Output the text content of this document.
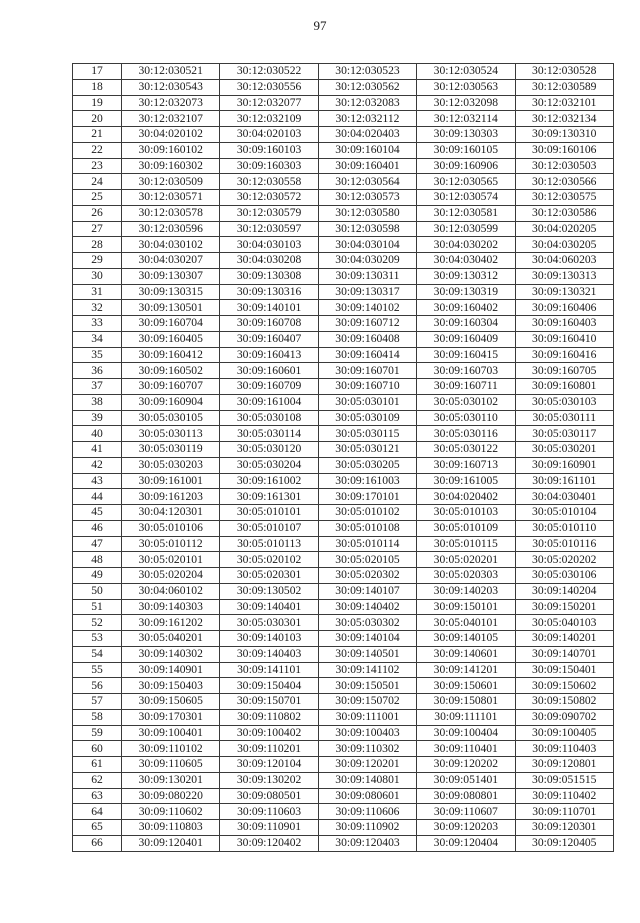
97
17	30:12:030521	30:12:030522	30:12:030523	30:12:030524	30:12:030528
18	30:12:030543	30:12:030556	30:12:030562	30:12:030563	30:12:030589
19	30:12:032073	30:12:032077	30:12:032083	30:12:032098	30:12:032101
20	30:12:032107	30:12:032109	30:12:032112	30:12:032114	30:12:032134
21	30:04:020102	30:04:020103	30:04:020403	30:09:130303	30:09:130310
22	30:09:160102	30:09:160103	30:09:160104	30:09:160105	30:09:160106
23	30:09:160302	30:09:160303	30:09:160401	30:09:160906	30:12:030503
24	30:12:030509	30:12:030558	30:12:030564	30:12:030565	30:12:030566
25	30:12:030571	30:12:030572	30:12:030573	30:12:030574	30:12:030575
26	30:12:030578	30:12:030579	30:12:030580	30:12:030581	30:12:030586
27	30:12:030596	30:12:030597	30:12:030598	30:12:030599	30:04:020205
28	30:04:030102	30:04:030103	30:04:030104	30:04:030202	30:04:030205
29	30:04:030207	30:04:030208	30:04:030209	30:04:030402	30:04:060203
30	30:09:130307	30:09:130308	30:09:130311	30:09:130312	30:09:130313
31	30:09:130315	30:09:130316	30:09:130317	30:09:130319	30:09:130321
32	30:09:130501	30:09:140101	30:09:140102	30:09:160402	30:09:160406
33	30:09:160704	30:09:160708	30:09:160712	30:09:160304	30:09:160403
34	30:09:160405	30:09:160407	30:09:160408	30:09:160409	30:09:160410
35	30:09:160412	30:09:160413	30:09:160414	30:09:160415	30:09:160416
36	30:09:160502	30:09:160601	30:09:160701	30:09:160703	30:09:160705
37	30:09:160707	30:09:160709	30:09:160710	30:09:160711	30:09:160801
38	30:09:160904	30:09:161004	30:05:030101	30:05:030102	30:05:030103
39	30:05:030105	30:05:030108	30:05:030109	30:05:030110	30:05:030111
40	30:05:030113	30:05:030114	30:05:030115	30:05:030116	30:05:030117
41	30:05:030119	30:05:030120	30:05:030121	30:05:030122	30:05:030201
42	30:05:030203	30:05:030204	30:05:030205	30:09:160713	30:09:160901
43	30:09:161001	30:09:161002	30:09:161003	30:09:161005	30:09:161101
44	30:09:161203	30:09:161301	30:09:170101	30:04:020402	30:04:030401
45	30:04:120301	30:05:010101	30:05:010102	30:05:010103	30:05:010104
46	30:05:010106	30:05:010107	30:05:010108	30:05:010109	30:05:010110
47	30:05:010112	30:05:010113	30:05:010114	30:05:010115	30:05:010116
48	30:05:020101	30:05:020102	30:05:020105	30:05:020201	30:05:020202
49	30:05:020204	30:05:020301	30:05:020302	30:05:020303	30:05:030106
50	30:04:060102	30:09:130502	30:09:140107	30:09:140203	30:09:140204
51	30:09:140303	30:09:140401	30:09:140402	30:09:150101	30:09:150201
52	30:09:161202	30:05:030301	30:05:030302	30:05:040101	30:05:040103
53	30:05:040201	30:09:140103	30:09:140104	30:09:140105	30:09:140201
54	30:09:140302	30:09:140403	30:09:140501	30:09:140601	30:09:140701
55	30:09:140901	30:09:141101	30:09:141102	30:09:141201	30:09:150401
56	30:09:150403	30:09:150404	30:09:150501	30:09:150601	30:09:150602
57	30:09:150605	30:09:150701	30:09:150702	30:09:150801	30:09:150802
58	30:09:170301	30:09:110802	30:09:111001	30:09:111101	30:09:090702
59	30:09:100401	30:09:100402	30:09:100403	30:09:100404	30:09:100405
60	30:09:110102	30:09:110201	30:09:110302	30:09:110401	30:09:110403
61	30:09:110605	30:09:120104	30:09:120201	30:09:120202	30:09:120801
62	30:09:130201	30:09:130202	30:09:140801	30:09:051401	30:09:051515
63	30:09:080220	30:09:080501	30:09:080601	30:09:080801	30:09:110402
64	30:09:110602	30:09:110603	30:09:110606	30:09:110607	30:09:110701
65	30:09:110803	30:09:110901	30:09:110902	30:09:120203	30:09:120301
66	30:09:120401	30:09:120402	30:09:120403	30:09:120404	30:09:120405
